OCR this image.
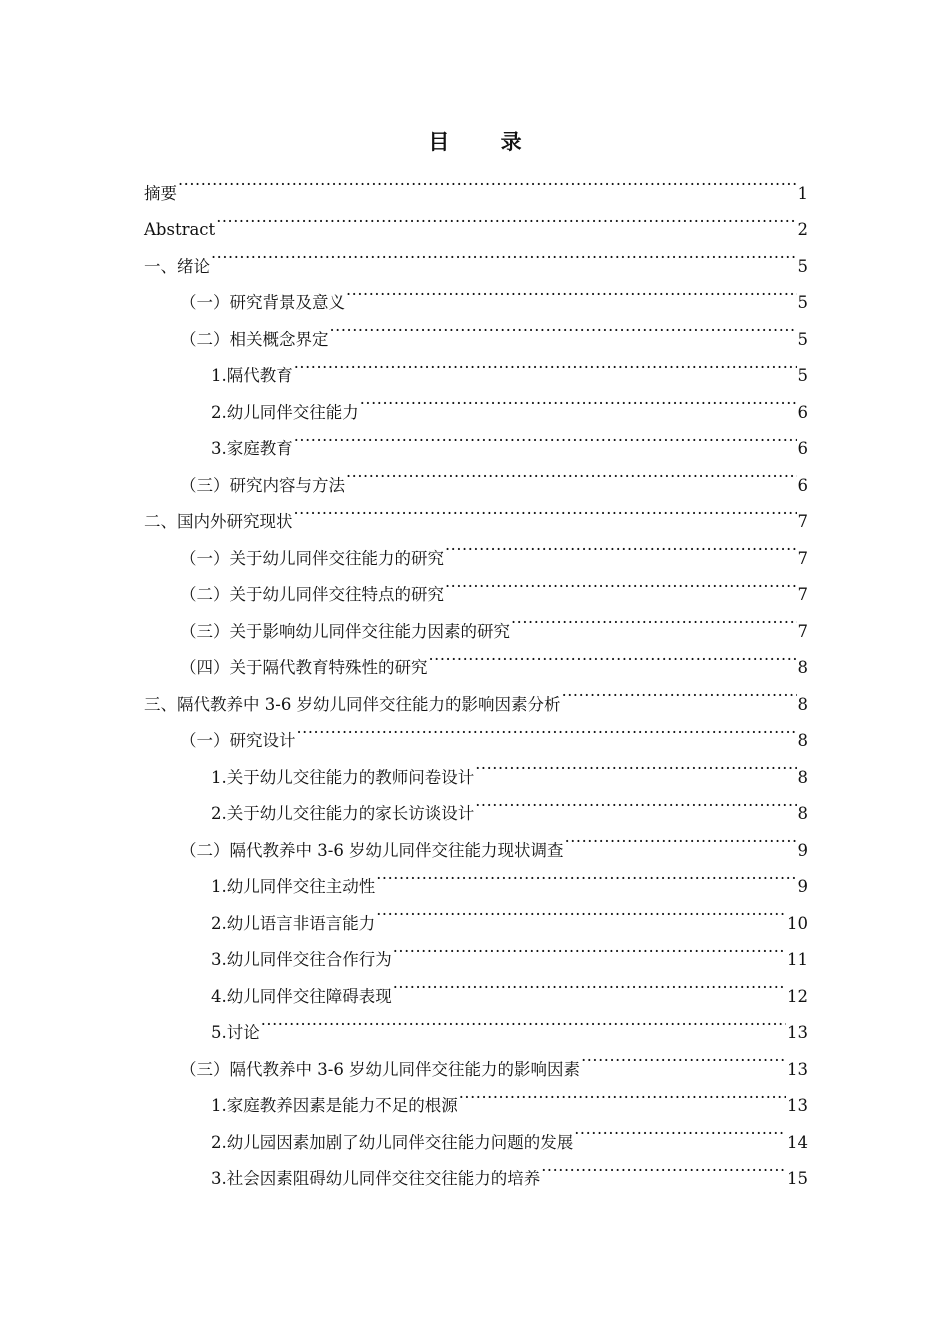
目 录
摘要 .....	1
Abstract .....	2
一、绪论 .....	5
（一）研究背景及意义 .....	5
（二）相关概念界定 .....	5
1.隔代教育 .....	5
2.幼儿同伴交往能力 .....	6
3.家庭教育 .....	6
（三）研究内容与方法 .....	6
二、国内外研究现状 .....	7
（一）关于幼儿同伴交往能力的研究 .....	7
（二）关于幼儿同伴交往特点的研究 .....	7
（三）关于影响幼儿同伴交往能力因素的研究 .....	7
（四）关于隔代教育特殊性的研究 .....	8
三、隔代教养中 3-6 岁幼儿同伴交往能力的影响因素分析 .....	8
（一）研究设计 .....	8
1.关于幼儿交往能力的教师问卷设计 .....	8
2.关于幼儿交往能力的家长访谈设计 .....	8
（二）隔代教养中 3-6 岁幼儿同伴交往能力现状调查 .....	9
1.幼儿同伴交往主动性 .....	9
2.幼儿语言非语言能力 .....	10
3.幼儿同伴交往合作行为 .....	11
4.幼儿同伴交往障碍表现 .....	12
5.讨论 .....	13
（三）隔代教养中 3-6 岁幼儿同伴交往能力的影响因素 .....	13
1.家庭教养因素是能力不足的根源 .....	13
2.幼儿园因素加剧了幼儿同伴交往能力问题的发展 .....	14
3.社会因素阻碍幼儿同伴交往交往能力的培养 .....	15
